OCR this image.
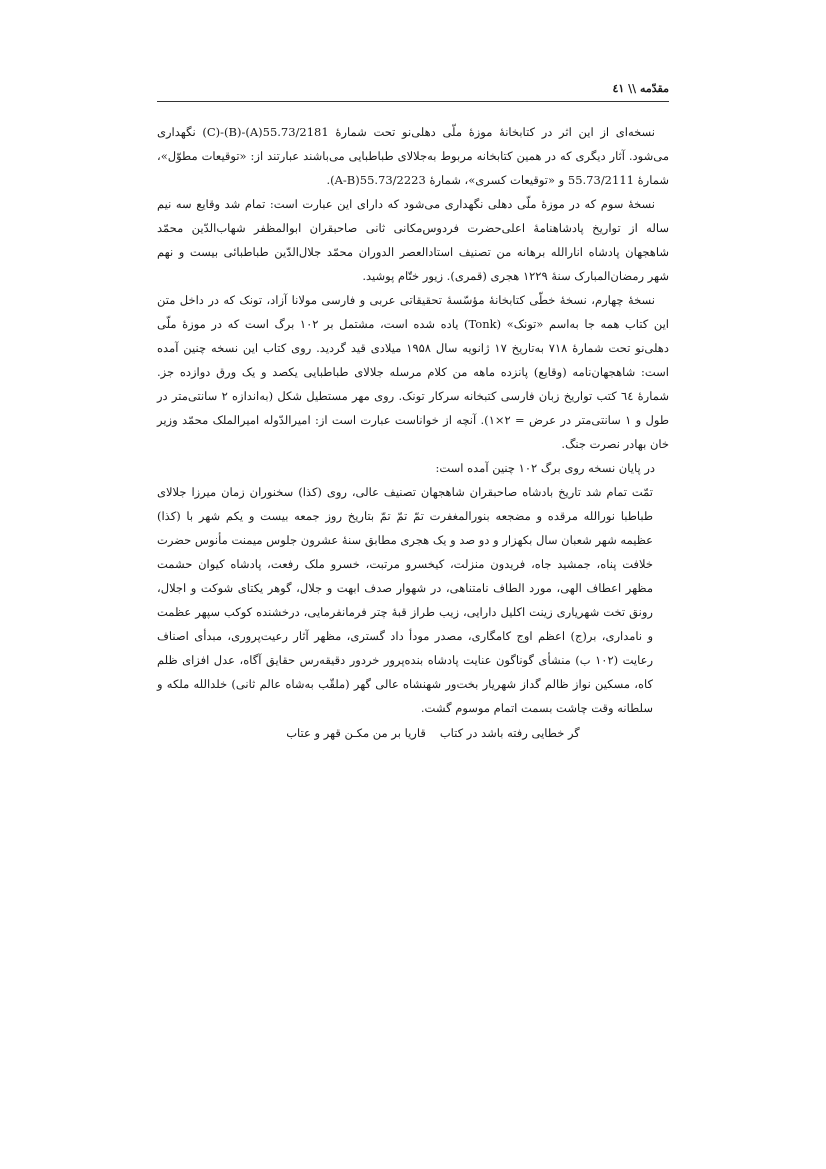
مقدّمه \\ ٤١

نسخه‌ای از این اثر در کتابخانهٔ موزهٔ ملّی دهلی‌نو تحت شمارهٔ 55.73/2181(A)-(B)-(C) نگهداری می‌شود. آثار دیگری که در همین کتابخانه مربوط به‌جلالای طباطبایی می‌باشند عبارتند از: «توقیعات مطوّل»، شمارهٔ 55.73/2111 و «توقیعات کسری»، شمارهٔ 55.73/2223(A-B).

نسخهٔ سوم که در موزهٔ ملّی دهلی نگهداری می‌شود که دارای این عبارت است: تمام شد وقایع سه نیم ساله از تواریخ پادشاهنامهٔ اعلی‌حضرت فردوس‌مکانی ثانی صاحبقران ابوالمظفر شهاب‌الدّین محمّد شاهجهان پادشاه انارالله برهانه من تصنیف استادالعصر الدوران محمّد جلال‌الدّین طباطبائی بیست و نهم شهر رمضان‌المبارک سنهٔ ۱۲۲۹ هجری (قمری). زیور ختّام پوشید.

نسخهٔ چهارم، نسخهٔ خطّی کتابخانهٔ مؤسّسهٔ تحقیقاتی عربی و فارسی مولانا آزاد، تونک که در داخل متن این کتاب همه جا به‌اسم «تونک» (Tonk) یاده شده است، مشتمل بر ۱۰۲ برگ است که در موزهٔ ملّی دهلی‌نو تحت شمارهٔ ۷۱۸ به‌تاریخ ۱۷ ژانویه سال ۱۹۵۸ میلادی قید گردید. روی کتاب این نسخه چنین آمده است: شاهجهان‌نامه (وقایع) پانزده ماهه من کلام مرسله جلالای طباطبایی یکصد و یک ورق دوازده جز. شمارهٔ ٦٤ کتب تواریخ زبان فارسی کتبخانه سرکار تونک. روی مهر مستطیل شکل (به‌اندازه ۲ سانتی‌متر در طول و ۱ سانتی‌متر در عرض = ۲×۱). آنچه از خواناست عبارت است از: امیرالدّوله امیرالملک محمّد وزیر خان بهادر نصرت جنگ.

در پایان نسخه روی برگ ۱۰۲ چنین آمده است:

تمّت تمام شد تاریخ بادشاه صاحبقران شاهجهان تصنیف عالی، روی (کذا) سخنوران زمان میرزا جلالای طباطبا نورالله مرقده و مضجعه بنورالمغفرت تمّ تمّ تمّ بتاریخ روز جمعه بیست و یکم شهر با (کذا) عظیمه شهر شعبان سال بکهزار و دو صد و یک هجری مطابق سنهٔ عشرون جلوس میمنت مأنوس حضرت خلافت پناه، جمشید جاه، فریدون منزلت، کیخسرو مرتبت، خسرو ملک رفعت، پادشاه کیوان حشمت مظهر اعطاف الهی، مورد الطاف نامتناهی، در شهوار صدف ابهت و جلال، گوهر یکتای شوکت و اجلال، رونق تخت شهریاری زینت اکلیل دارایی، زیب طراز قبهٔ چتر فرمانفرمایی، درخشنده کوکب سپهر عظمت و نامداری، بر(ج) اعظم اوج کامگاری، مصدر مودأ داد گستری، مظهر آثار رعیت‌پروری، مبدأی اصناف رعایت (۱۰۲ ب) منشأی گوناگون عنایت پادشاه بنده‌پرور خردور دقیقه‌رس حقایق آگاه، عدل افزای ظلم کاه، مسکین نواز ظالم گداز شهریار بخت‌ور شهنشاه عالی گهر (ملقّب به‌شاه عالم ثانی) خلدالله ملکه و سلطانه وقت چاشت بسمت اتمام موسوم گشت.

گر خطایی رفته باشد در کتابقاریا بر من مکـن قهر و عتاب
